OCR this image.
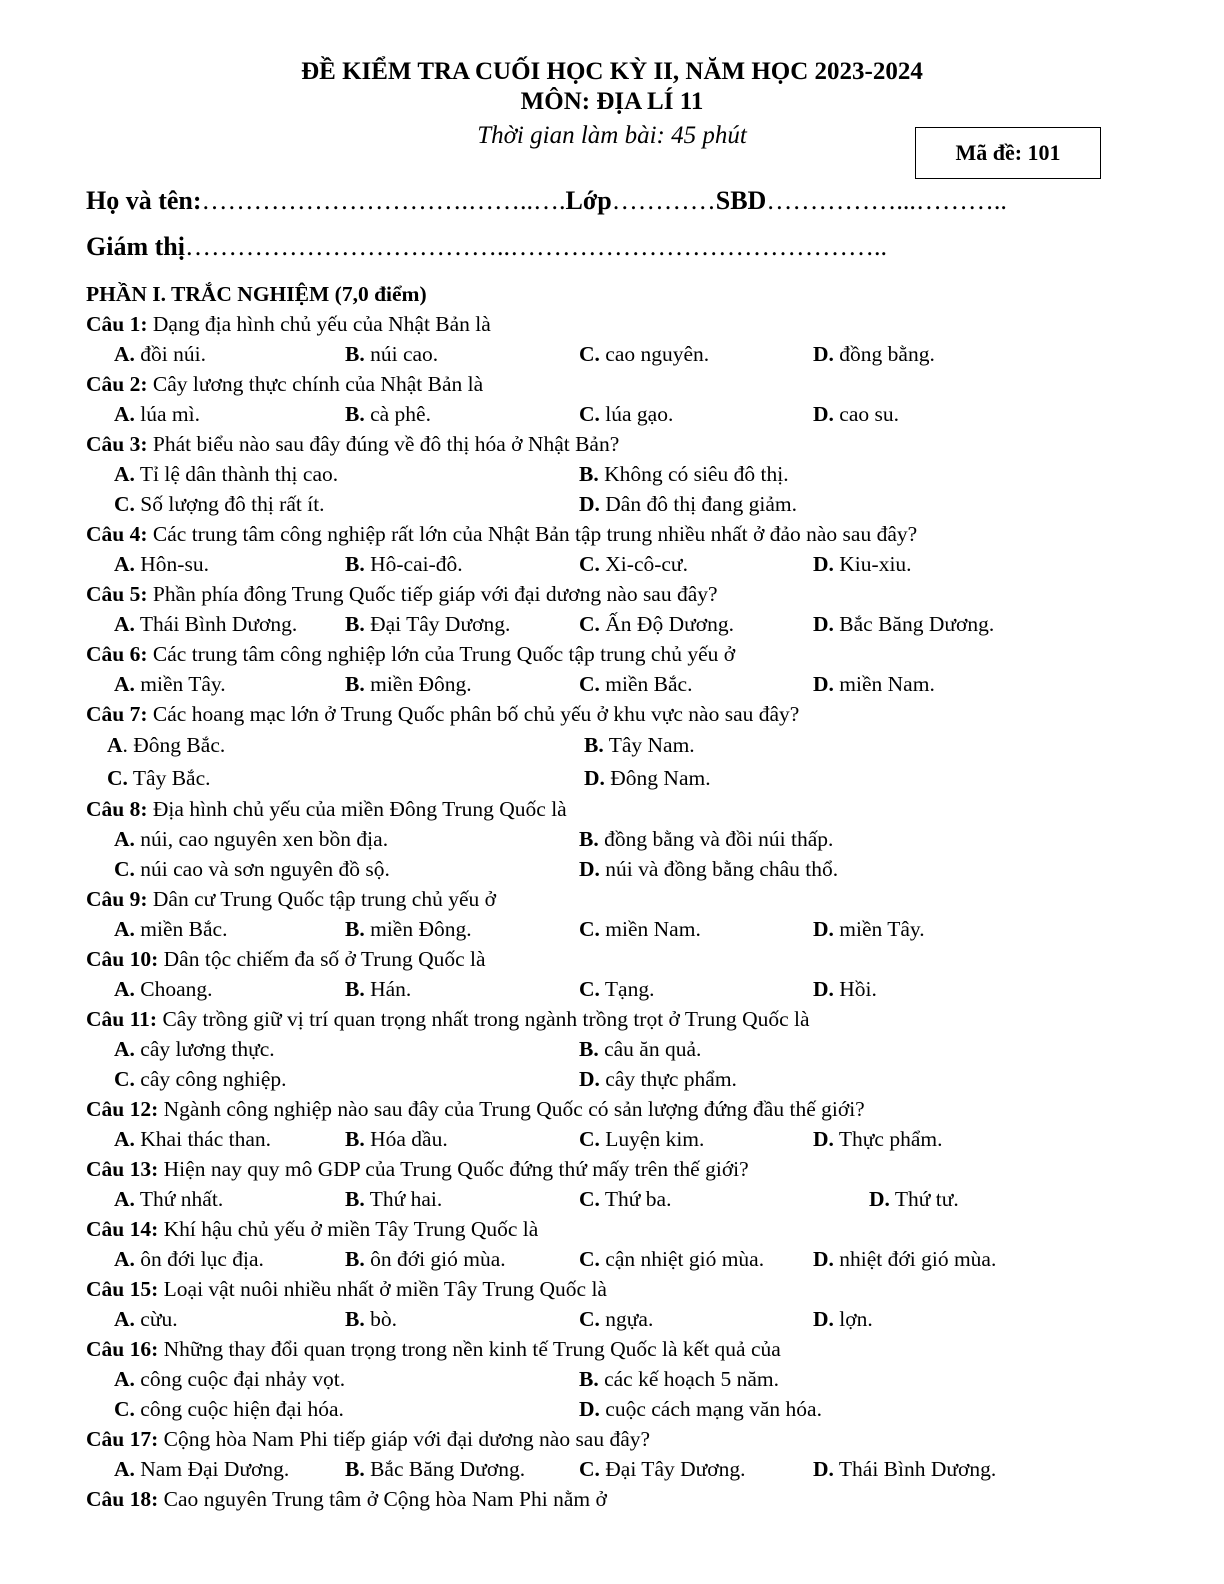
ĐỀ KIỂM TRA CUỐI HỌC KỲ II, NĂM HỌC 2023-2024
MÔN: ĐỊA LÍ 11
Thời gian làm bài: 45 phút
Mã đề: 101
Họ và tên:………………………….……..….Lớp…………SBD……………...………..
Giám thị………………………………..……………………………………..
PHẦN I. TRẮC NGHIỆM (7,0 điểm)
Câu 1: Dạng địa hình chủ yếu của Nhật Bản là
A. đồi núi.	B. núi cao.	C. cao nguyên.	D. đồng bằng.
Câu 2: Cây lương thực chính của Nhật Bản là
A. lúa mì.	B. cà phê.	C. lúa gạo.	D. cao su.
Câu 3: Phát biểu nào sau đây đúng về đô thị hóa ở Nhật Bản?
A. Tỉ lệ dân thành thị cao.	B. Không có siêu đô thị.
C. Số lượng đô thị rất ít.	D. Dân đô thị đang giảm.
Câu 4: Các trung tâm công nghiệp rất lớn của Nhật Bản tập trung nhiều nhất ở đảo nào sau đây?
A. Hôn-su.	B. Hô-cai-đô.	C. Xi-cô-cư.	D. Kiu-xiu.
Câu 5: Phần phía đông Trung Quốc tiếp giáp với đại dương nào sau đây?
A. Thái Bình Dương. B. Đại Tây Dương.	C. Ấn Độ Dương.	D. Bắc Băng Dương.
Câu 6: Các trung tâm công nghiệp lớn của Trung Quốc tập trung chủ yếu ở
A. miền Tây.	B. miền Đông.	C. miền Bắc.	D. miền Nam.
Câu 7: Các hoang mạc lớn ở Trung Quốc phân bố chủ yếu ở khu vực nào sau đây?
A. Đông Bắc.	B. Tây Nam.
C. Tây Bắc.	D. Đông Nam.
Câu 8: Địa hình chủ yếu của miền Đông Trung Quốc là
A. núi, cao nguyên xen bồn địa.	B. đồng bằng và đồi núi thấp.
C. núi cao và sơn nguyên đồ sộ.	D. núi và đồng bằng châu thổ.
Câu 9: Dân cư Trung Quốc tập trung chủ yếu ở
A. miền Bắc.	B. miền Đông.	C. miền Nam.	D. miền Tây.
Câu 10: Dân tộc chiếm đa số ở Trung Quốc là
A. Choang.	B. Hán.	C. Tạng.	D. Hồi.
Câu 11: Cây trồng giữ vị trí quan trọng nhất trong ngành trồng trọt ở Trung Quốc là
A. cây lương thực.	B. câu ăn quả.
C. cây công nghiệp.	D. cây thực phẩm.
Câu 12: Ngành công nghiệp nào sau đây của Trung Quốc có sản lượng đứng đầu thế giới?
A. Khai thác than.	B. Hóa dầu.	C. Luyện kim.	D. Thực phẩm.
Câu 13: Hiện nay quy mô GDP của Trung Quốc đứng thứ mấy trên thế giới?
A. Thứ nhất.	B. Thứ hai.	C. Thứ ba.	D. Thứ tư.
Câu 14: Khí hậu chủ yếu ở miền Tây Trung Quốc là
A. ôn đới lục địa.	B. ôn đới gió mùa.	C. cận nhiệt gió mùa. D. nhiệt đới gió mùa.
Câu 15: Loại vật nuôi nhiều nhất ở miền Tây Trung Quốc là
A. cừu.	B. bò.	C. ngựa.	D. lợn.
Câu 16: Những thay đổi quan trọng trong nền kinh tế Trung Quốc là kết quả của
A. công cuộc đại nhảy vọt.	B. các kế hoạch 5 năm.
C. công cuộc hiện đại hóa.	D. cuộc cách mạng văn hóa.
Câu 17: Cộng hòa Nam Phi tiếp giáp với đại dương nào sau đây?
A. Nam Đại Dương.	B. Bắc Băng Dương.	C. Đại Tây Dương.	D. Thái Bình Dương.
Câu 18: Cao nguyên Trung tâm ở Cộng hòa Nam Phi nằm ở
